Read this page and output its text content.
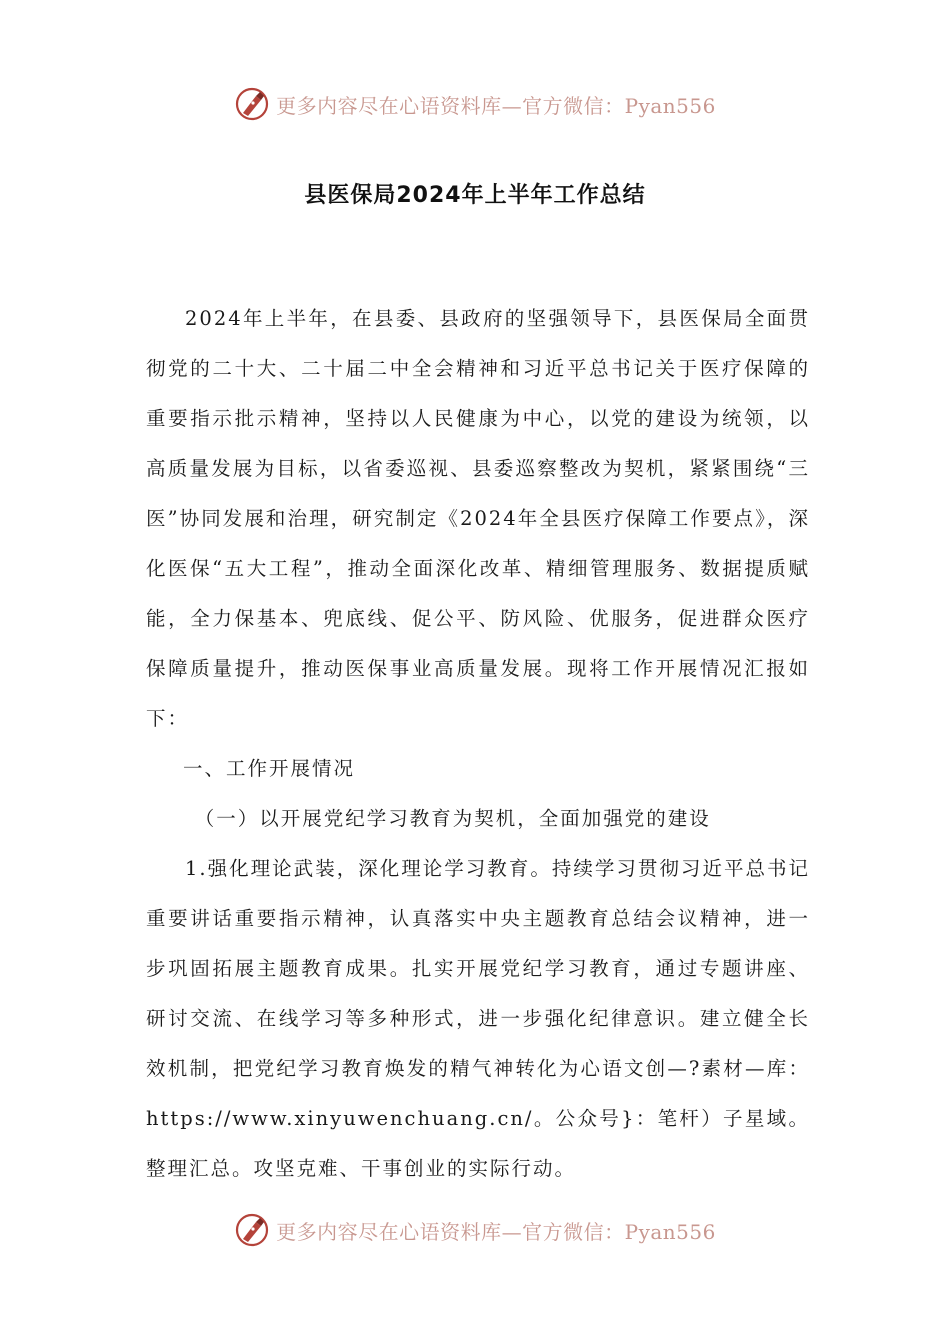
更多内容尽在心语资料库—官方微信：Pyan556
县医保局2024年上半年工作总结

2024年上半年，在县委、县政府的坚强领导下，县医保局全面贯彻党的二十大、二十届二中全会精神和习近平总书记关于医疗保障的重要指示批示精神，坚持以人民健康为中心，以党的建设为统领，以高质量发展为目标，以省委巡视、县委巡察整改为契机，紧紧围绕“三医”协同发展和治理，研究制定《2024年全县医疗保障工作要点》，深化医保“五大工程”，推动全面深化改革、精细管理服务、数据提质赋能，全力保基本、兜底线、促公平、防风险、优服务，促进群众医疗保障质量提升，推动医保事业高质量发展。现将工作开展情况汇报如下：

一、工作开展情况

（一）以开展党纪学习教育为契机，全面加强党的建设

1.强化理论武装，深化理论学习教育。持续学习贯彻习近平总书记重要讲话重要指示精神，认真落实中央主题教育总结会议精神，进一步巩固拓展主题教育成果。扎实开展党纪学习教育，通过专题讲座、研讨交流、在线学习等多种形式，进一步强化纪律意识。建立健全长效机制，把党纪学习教育焕发的精气神转化为心语文创—?素材—库：https://www.xinyuwenchuang.cn/。公众号}：笔杆）子星域。整理汇总。攻坚克难、干事创业的实际行动。

更多内容尽在心语资料库—官方微信：Pyan556
